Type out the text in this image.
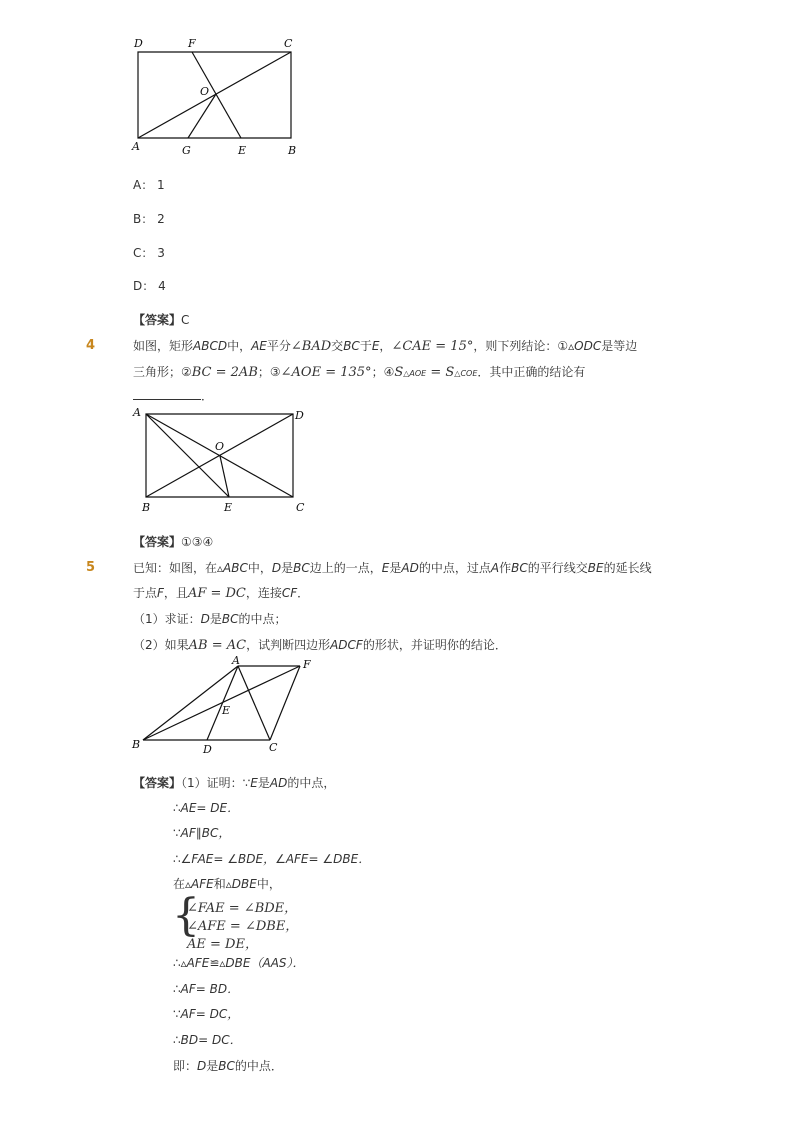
D	F	C
O
A	G	E	B
A： 1
B： 2
C： 3
D： 4
【答案】C
4	如图，矩形ABCD中，AE平分∠BAD交BC于E，∠CAE = 15°，则下列结论：①▵ODC是等边
三角形；②BC = 2AB；③∠AOE = 135°；④S△AOE = S△COE．其中正确的结论有
．
A	D
O
B	E	C
【答案】①③④
5	已知：如图，在▵ABC中，D是BC边上的一点，E是AD的中点，过点A作BC的平行线交BE的延长线
于点F，且AF = DC，连接CF．
（1）求证：D是BC的中点；
（2）如果AB = AC，试判断四边形ADCF的形状，并证明你的结论．
A	F
E
B	D	C
【答案】（1）证明：∵E是AD的中点，
∴AE= DE．
∵AF∥BC，
∴∠FAE= ∠BDE，∠AFE= ∠DBE．
在▵AFE和▵DBE中，
{
∠FAE = ∠BDE，
∠AFE = ∠DBE，
AE = DE，
∴▵AFE≌▵DBE（AAS）．
∴AF= BD．
∵AF= DC，
∴BD= DC．
即：D是BC的中点．
